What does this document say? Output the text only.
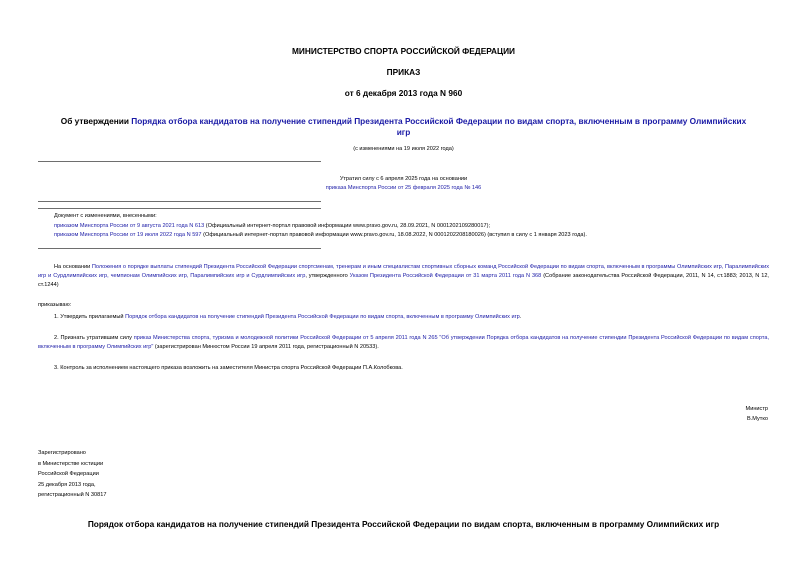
МИНИСТЕРСТВО СПОРТА РОССИЙСКОЙ ФЕДЕРАЦИИ
ПРИКАЗ
от 6 декабря 2013 года N 960
Об утверждении Порядка отбора кандидатов на получение стипендий Президента Российской Федерации по видам спорта, включенным в программу Олимпийских игр
(с изменениями на 19 июля 2022 года)
Утратил силу с 6 апреля 2025 года на основании
приказа Минспорта России от 25 февраля 2025 года № 146
Документ с изменениями, внесенными:
приказом Минспорта России от 9 августа 2021 года N 613 (Официальный интернет-портал правовой информации www.pravo.gov.ru, 28.09.2021, N 0001202109280017);
приказом Минспорта России от 19 июля 2022 года N 597 (Официальный интернет-портал правовой информации www.pravo.gov.ru, 18.08.2022, N 0001202208180026) (вступил в силу с 1 января 2023 года).
На основании Положения о порядке выплаты стипендий Президента Российской Федерации спортсменам, тренерам и иным специалистам спортивных сборных команд Российской Федерации по видам спорта, включенным в программы Олимпийских игр, Паралимпийских игр и Сурдлимпийских игр, чемпионам Олимпийских игр, Паралимпийских игр и Сурдлимпийских игр, утвержденного Указом Президента Российской Федерации от 31 марта 2011 года N 368 (Собрание законодательства Российской Федерации, 2011, N 14, ст.1883; 2013, N 12, ст.1244)
приказываю:
1. Утвердить прилагаемый Порядок отбора кандидатов на получение стипендий Президента Российской Федерации по видам спорта, включенным в программу Олимпийских игр.
2. Признать утратившим силу приказ Министерства спорта, туризма и молодежной политики Российской Федерации от 5 апреля 2011 года N 265 "Об утверждении Порядка отбора кандидатов на получение стипендии Президента Российской Федерации по видам спорта, включенным в программу Олимпийских игр" (зарегистрирован Минюстом России 19 апреля 2011 года, регистрационный N 20533).
3. Контроль за исполнением настоящего приказа возложить на заместителя Министра спорта Российской Федерации П.А.Колобкова.
Министр
В.Мутко
Зарегистрировано
в Министерстве юстиции
Российской Федерации
25 декабря 2013 года,
регистрационный N 30817
Порядок отбора кандидатов на получение стипендий Президента Российской Федерации по видам спорта, включенным в программу Олимпийских игр
